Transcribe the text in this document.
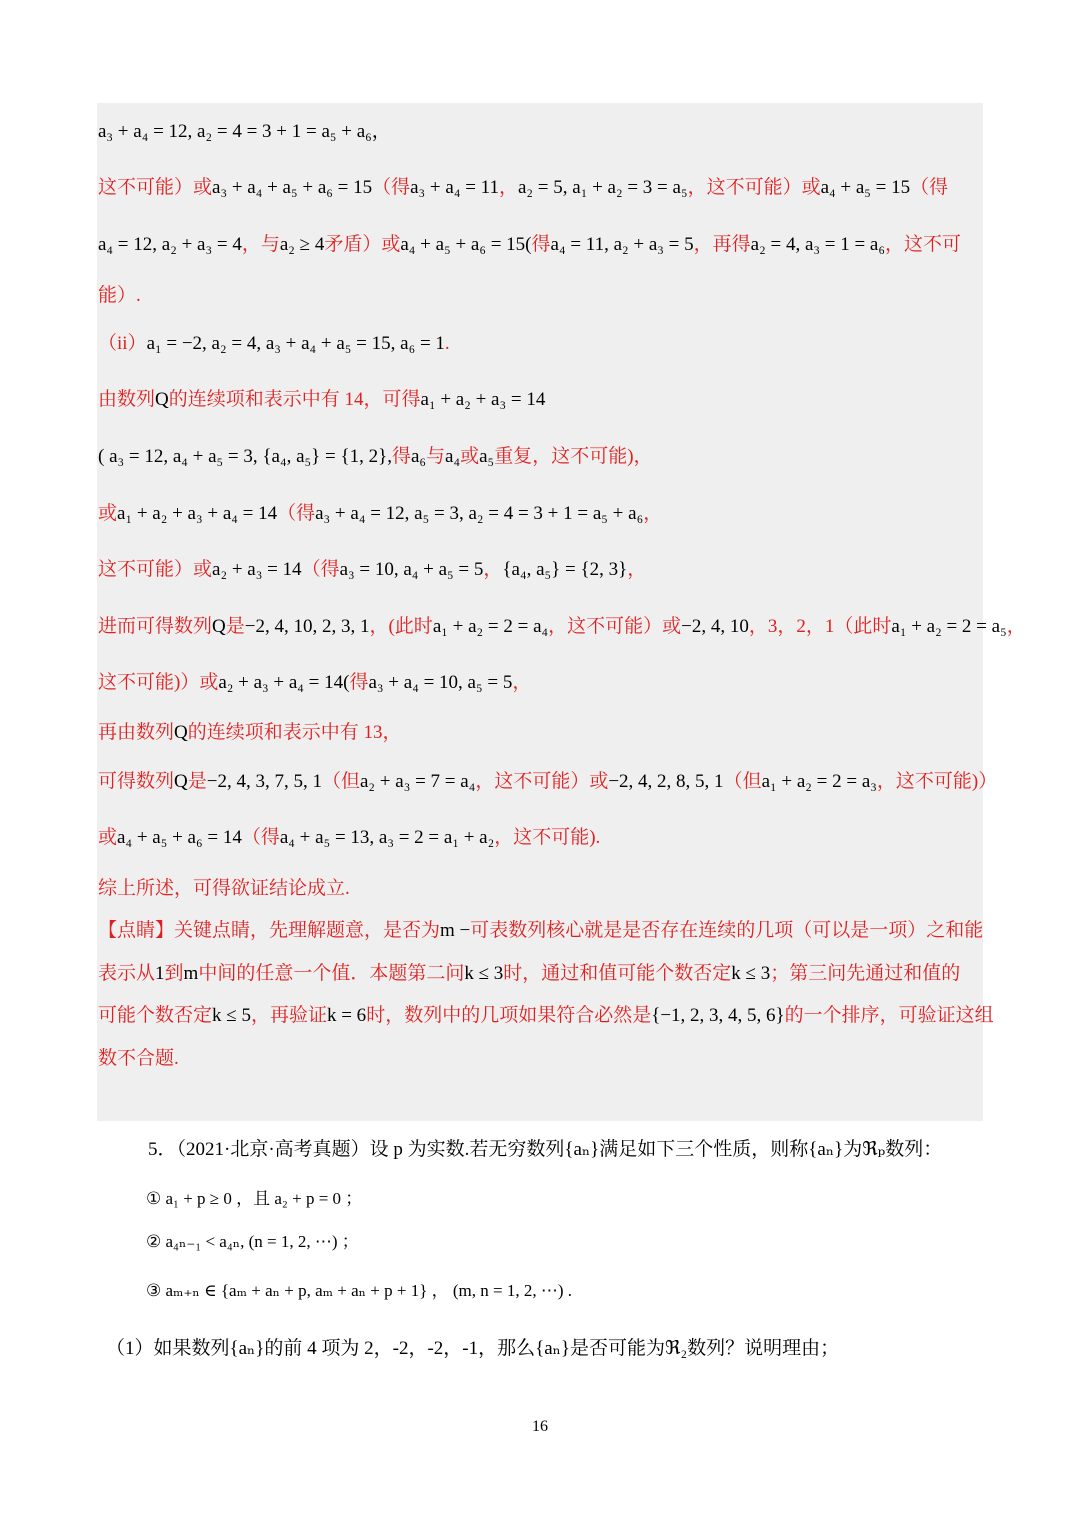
a₃ + a₄ = 12, a₂ = 4 = 3 + 1 = a₅ + a₆，
这不可能）或a₃ + a₄ + a₅ + a₆ = 15（得a₃ + a₄ = 11，a₂ = 5, a₁ + a₂ = 3 = a₅，这不可能）或a₄ + a₅ = 15（得
a₄ = 12, a₂ + a₃ = 4，与a₂ ≥ 4矛盾）或a₄ + a₅ + a₆ = 15(得a₄ = 11, a₂ + a₃ = 5，再得a₂ = 4, a₃ = 1 = a₆，这不可
能）.
（ii）a₁ = −2, a₂ = 4, a₃ + a₄ + a₅ = 15, a₆ = 1.
由数列Q的连续项和表示中有 14，可得a₁ + a₂ + a₃ = 14
( a₃ = 12, a₄ + a₅ = 3, {a₄, a₅} = {1, 2},得a₆与a₄或a₅重复，这不可能)，
或a₁ + a₂ + a₃ + a₄ = 14（得a₃ + a₄ = 12, a₅ = 3, a₂ = 4 = 3 + 1 = a₅ + a₆，
这不可能）或a₂ + a₃ = 14（得a₃ = 10, a₄ + a₅ = 5，{a₄, a₅} = {2, 3}，
进而可得数列Q是−2, 4, 10, 2, 3, 1，(此时a₁ + a₂ = 2 = a₄，这不可能）或−2, 4, 10，3，2，1（此时a₁ + a₂ = 2 = a₅，
这不可能)）或a₂ + a₃ + a₄ = 14(得a₃ + a₄ = 10, a₅ = 5，
再由数列Q的连续项和表示中有 13，
可得数列Q是−2, 4, 3, 7, 5, 1（但a₂ + a₃ = 7 = a₄，这不可能）或−2, 4, 2, 8, 5, 1（但a₁ + a₂ = 2 = a₃，这不可能)）
或a₄ + a₅ + a₆ = 14（得a₄ + a₅ = 13, a₃ = 2 = a₁ + a₂，这不可能).
综上所述，可得欲证结论成立.
【点睛】关键点睛，先理解题意，是否为m −可表数列核心就是是否存在连续的几项（可以是一项）之和能
表示从1到m中间的任意一个值．本题第二问k ≤ 3时，通过和值可能个数否定k ≤ 3；第三问先通过和值的
可能个数否定k ≤ 5，再验证k = 6时，数列中的几项如果符合必然是{−1, 2, 3, 4, 5, 6}的一个排序，可验证这组
数不合题.
5．（2021·北京·高考真题）设 p 为实数.若无穷数列{aₙ}满足如下三个性质，则称{aₙ}为ℜₚ数列：
① a₁ + p ≥ 0 ，且 a₂ + p = 0 ；
② a₄ₙ₋₁ < a₄ₙ, (n = 1, 2, ⋯) ；
③ aₘ₊ₙ ∈ {aₘ + aₙ + p, aₘ + aₙ + p + 1} ， (m, n = 1, 2, ⋯) .
（1）如果数列{aₙ}的前 4 项为 2，-2，-2，-1，那么{aₙ}是否可能为ℜ₂数列？说明理由；
16
